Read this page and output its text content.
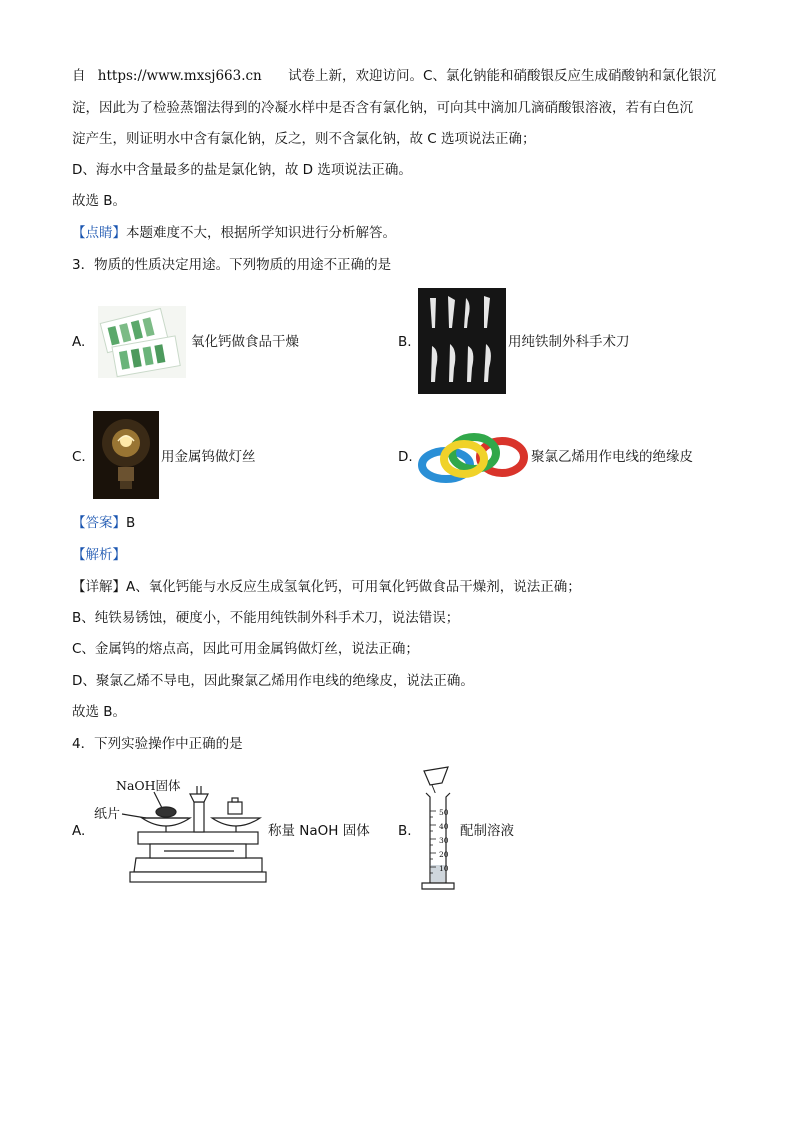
自 https://www.mxsj663.cn 试卷上新，欢迎访问。C、氯化钠能和硝酸银反应生成硝酸钠和氯化银沉
淀，因此为了检验蒸馏法得到的冷凝水样中是否含有氯化钠，可向其中滴加几滴硝酸银溶液，若有白色沉
淀产生，则证明水中含有氯化钠，反之，则不含氯化钠，故 C 选项说法正确；
D、海水中含量最多的盐是氯化钠，故 D 选项说法正确。
故选 B。
【点睛】本题难度不大，根据所学知识进行分析解答。
3．物质的性质决定用途。下列物质的用途不正确的是
A.	氧化钙做食品干燥	B.	用纯铁制外科手术刀
C.	用金属钨做灯丝	D.	聚氯乙烯用作电线的绝缘皮
【答案】B
【解析】
【详解】A、氧化钙能与水反应生成氢氧化钙，可用氧化钙做食品干燥剂，说法正确；
B、纯铁易锈蚀，硬度小，不能用纯铁制外科手术刀，说法错误；
C、金属钨的熔点高，因此可用金属钨做灯丝，说法正确；
D、聚氯乙烯不导电，因此聚氯乙烯用作电线的绝缘皮，说法正确。
故选 B。
4．下列实验操作中正确的是
A.
NaOH固体
纸片
称量 NaOH 固体 B.
50
40
30
20
10
配制溶液
